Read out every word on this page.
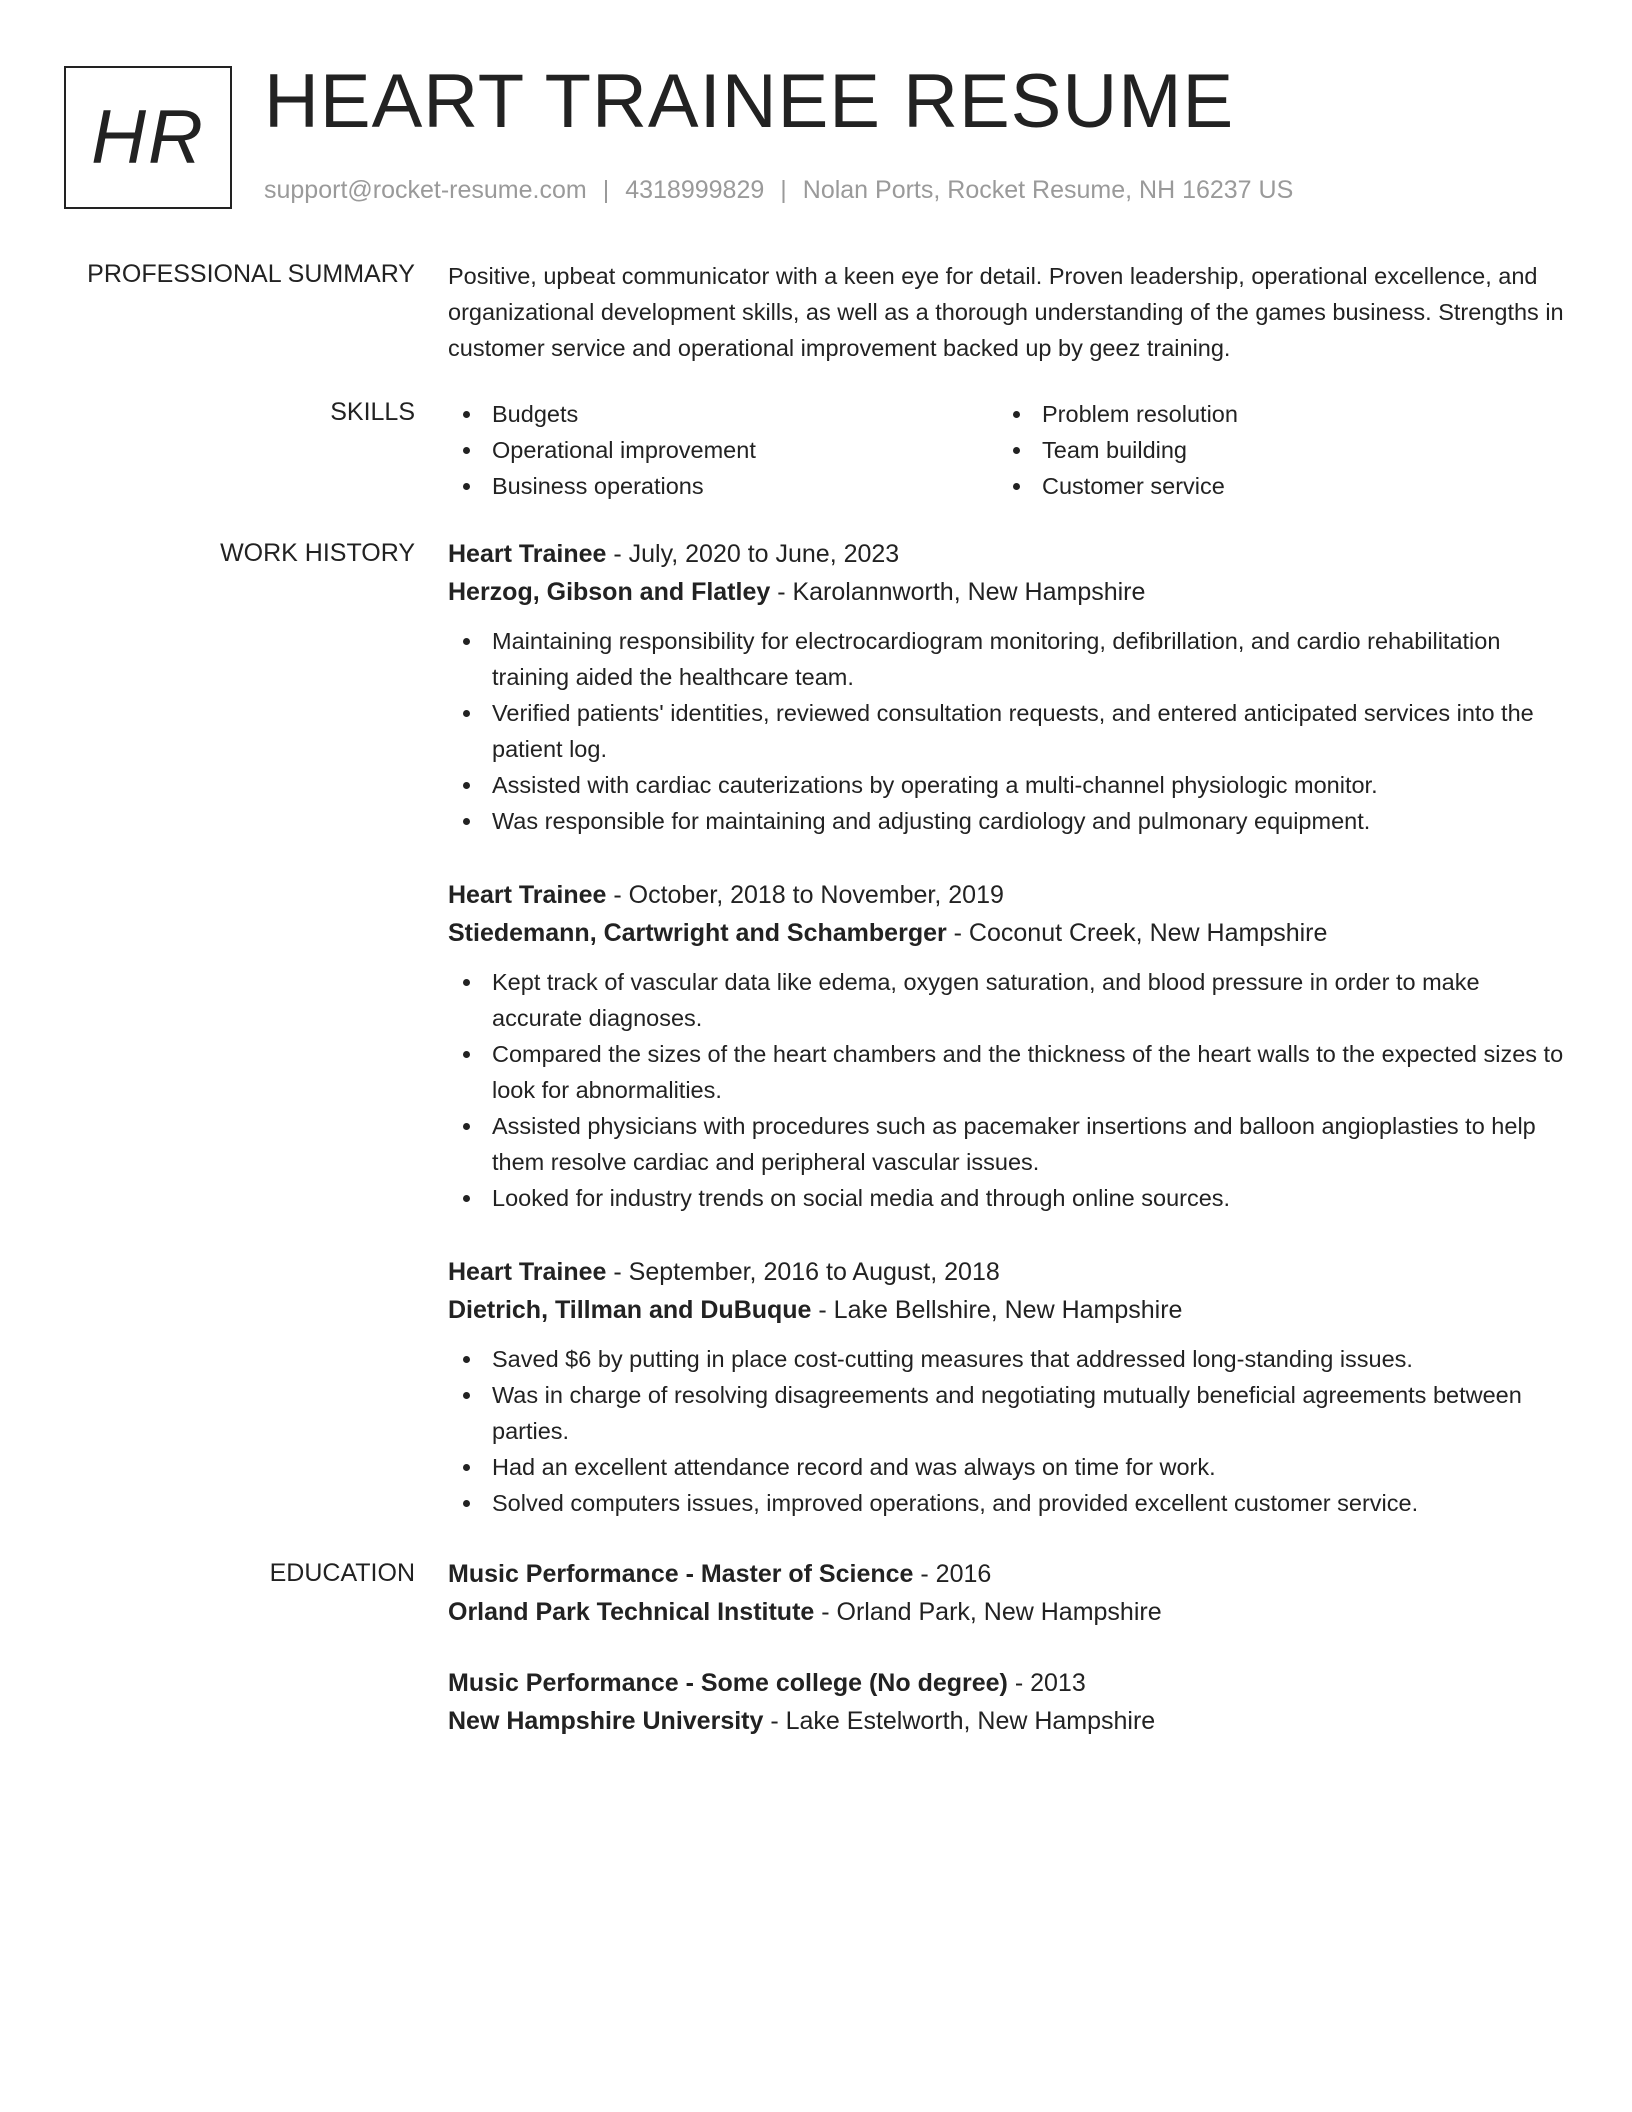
HR HEART TRAINEE RESUME
support@rocket-resume.com | 4318999829 | Nolan Ports, Rocket Resume, NH 16237 US
PROFESSIONAL SUMMARY Positive, upbeat communicator with a keen eye for detail. Proven leadership, operational excellence, and organizational development skills, as well as a thorough understanding of the games business. Strengths in customer service and operational improvement backed up by geez training.

SKILLS	Budgets
Operational improvement
Business operations
Problem resolution
Team building
Customer service
WORK HISTORY Heart Trainee - July, 2020 to June, 2023
Herzog, Gibson and Flatley - Karolannworth, New Hampshire
Maintaining responsibility for electrocardiogram monitoring, defibrillation, and cardio rehabilitation training aided the healthcare team.
Verified patients' identities, reviewed consultation requests, and entered anticipated services into the patient log.
Assisted with cardiac cauterizations by operating a multi-channel physiologic monitor.
Was responsible for maintaining and adjusting cardiology and pulmonary equipment.
Heart Trainee - October, 2018 to November, 2019
Stiedemann, Cartwright and Schamberger - Coconut Creek, New Hampshire
Kept track of vascular data like edema, oxygen saturation, and blood pressure in order to make accurate diagnoses.
Compared the sizes of the heart chambers and the thickness of the heart walls to the expected sizes to look for abnormalities.
Assisted physicians with procedures such as pacemaker insertions and balloon angioplasties to help them resolve cardiac and peripheral vascular issues.
Looked for industry trends on social media and through online sources.
Heart Trainee - September, 2016 to August, 2018
Dietrich, Tillman and DuBuque - Lake Bellshire, New Hampshire
Saved $6 by putting in place cost-cutting measures that addressed long-standing issues.
Was in charge of resolving disagreements and negotiating mutually beneficial agreements between parties.
Had an excellent attendance record and was always on time for work.
Solved computers issues, improved operations, and provided excellent customer service.
EDUCATION Music Performance - Master of Science - 2016
Orland Park Technical Institute - Orland Park, New Hampshire
Music Performance - Some college (No degree) - 2013
New Hampshire University - Lake Estelworth, New Hampshire
